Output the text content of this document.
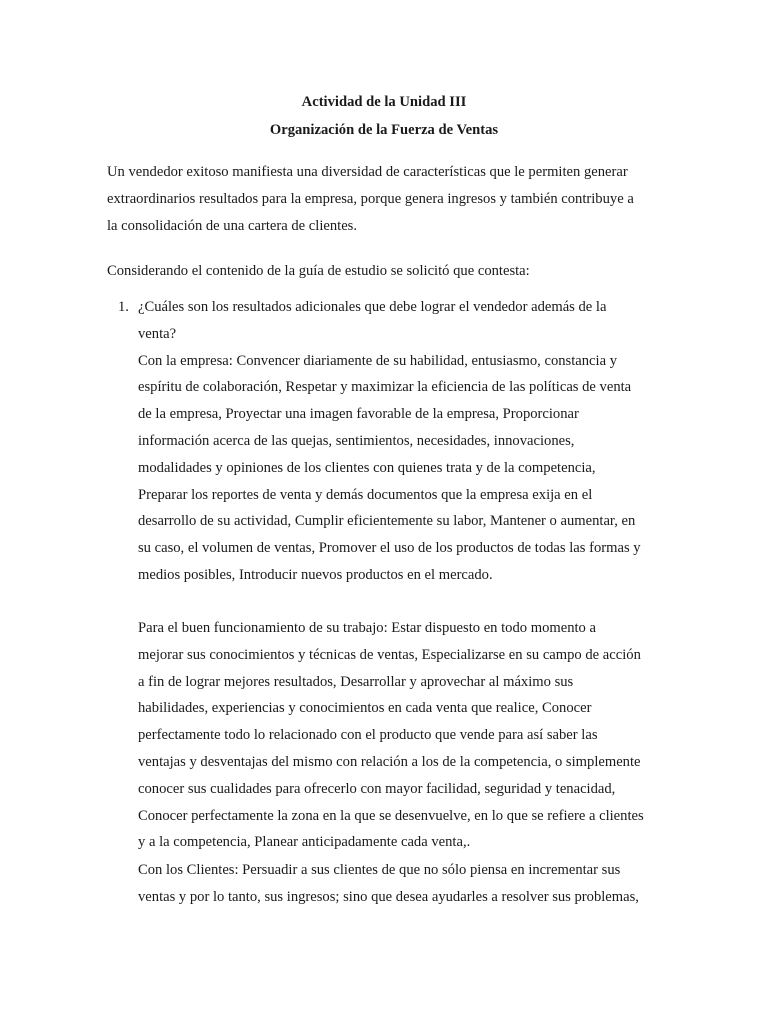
Actividad de la Unidad III
Organización de la Fuerza de Ventas
Un vendedor exitoso manifiesta una diversidad de características que le permiten generar
extraordinarios resultados para la empresa, porque genera ingresos y también contribuye a
la consolidación de una cartera de clientes.
Considerando el contenido de la guía de estudio se solicitó que contesta:
1. ¿Cuáles son los resultados adicionales que debe lograr el vendedor además de la
venta?
Con la empresa: Convencer diariamente de su habilidad, entusiasmo, constancia y
espíritu de colaboración, Respetar y maximizar la eficiencia de las políticas de venta
de la empresa, Proyectar una imagen favorable de la empresa, Proporcionar
información acerca de las quejas, sentimientos, necesidades, innovaciones,
modalidades y opiniones de los clientes con quienes trata y de la competencia,
Preparar los reportes de venta y demás documentos que la empresa exija en el
desarrollo de su actividad, Cumplir eficientemente su labor, Mantener o aumentar, en
su caso, el volumen de ventas, Promover el uso de los productos de todas las formas y
medios posibles, Introducir nuevos productos en el mercado.
Para el buen funcionamiento de su trabajo: Estar dispuesto en todo momento a
mejorar sus conocimientos y técnicas de ventas, Especializarse en su campo de acción
a fin de lograr mejores resultados, Desarrollar y aprovechar al máximo sus
habilidades, experiencias y conocimientos en cada venta que realice, Conocer
perfectamente todo lo relacionado con el producto que vende para así saber las
ventajas y desventajas del mismo con relación a los de la competencia, o simplemente
conocer sus cualidades para ofrecerlo con mayor facilidad, seguridad y tenacidad,
Conocer perfectamente la zona en la que se desenvuelve, en lo que se refiere a clientes
y a la competencia, Planear anticipadamente cada venta,.
Con los Clientes: Persuadir a sus clientes de que no sólo piensa en incrementar sus
ventas y por lo tanto, sus ingresos; sino que desea ayudarles a resolver sus problemas,
